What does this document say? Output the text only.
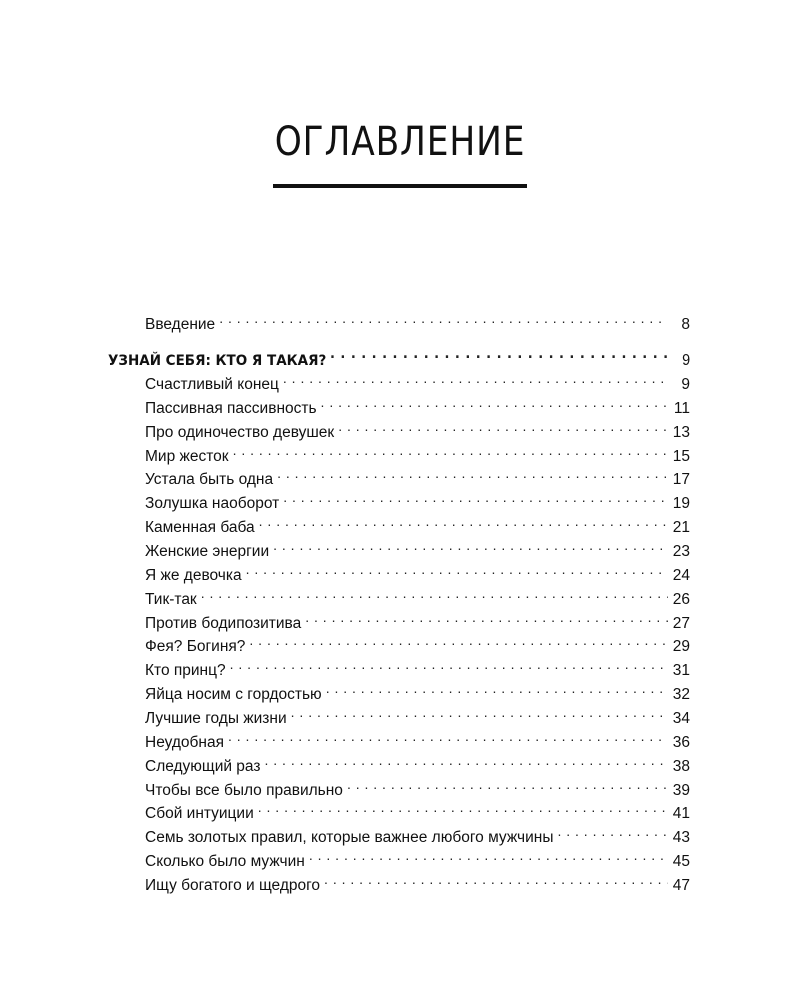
ОГЛАВЛЕНИЕ
Введение . . .	8
УЗНАЙ СЕБЯ: КТО Я ТАКАЯ? . . .	9
Счастливый конец . . .	9
Пассивная пассивность . . .	11
Про одиночество девушек . . .	13
Мир жесток . . .	15
Устала быть одна . . .	17
Золушка наоборот . . .	19
Каменная баба . . .	21
Женские энергии . . .	23
Я же девочка . . .	24
Тик-так . . .	26
Против бодипозитива . . .	27
Фея? Богиня? . . .	29
Кто принц? . . .	31
Яйца носим с гордостью . . .	32
Лучшие годы жизни . . .	34
Неудобная . . .	36
Следующий раз . . .	38
Чтобы все было правильно . . .	39
Сбой интуиции . . .	41
Семь золотых правил, которые важнее любого мужчины . . .	43
Сколько было мужчин . . .	45
Ищу богатого и щедрого . . .	47
